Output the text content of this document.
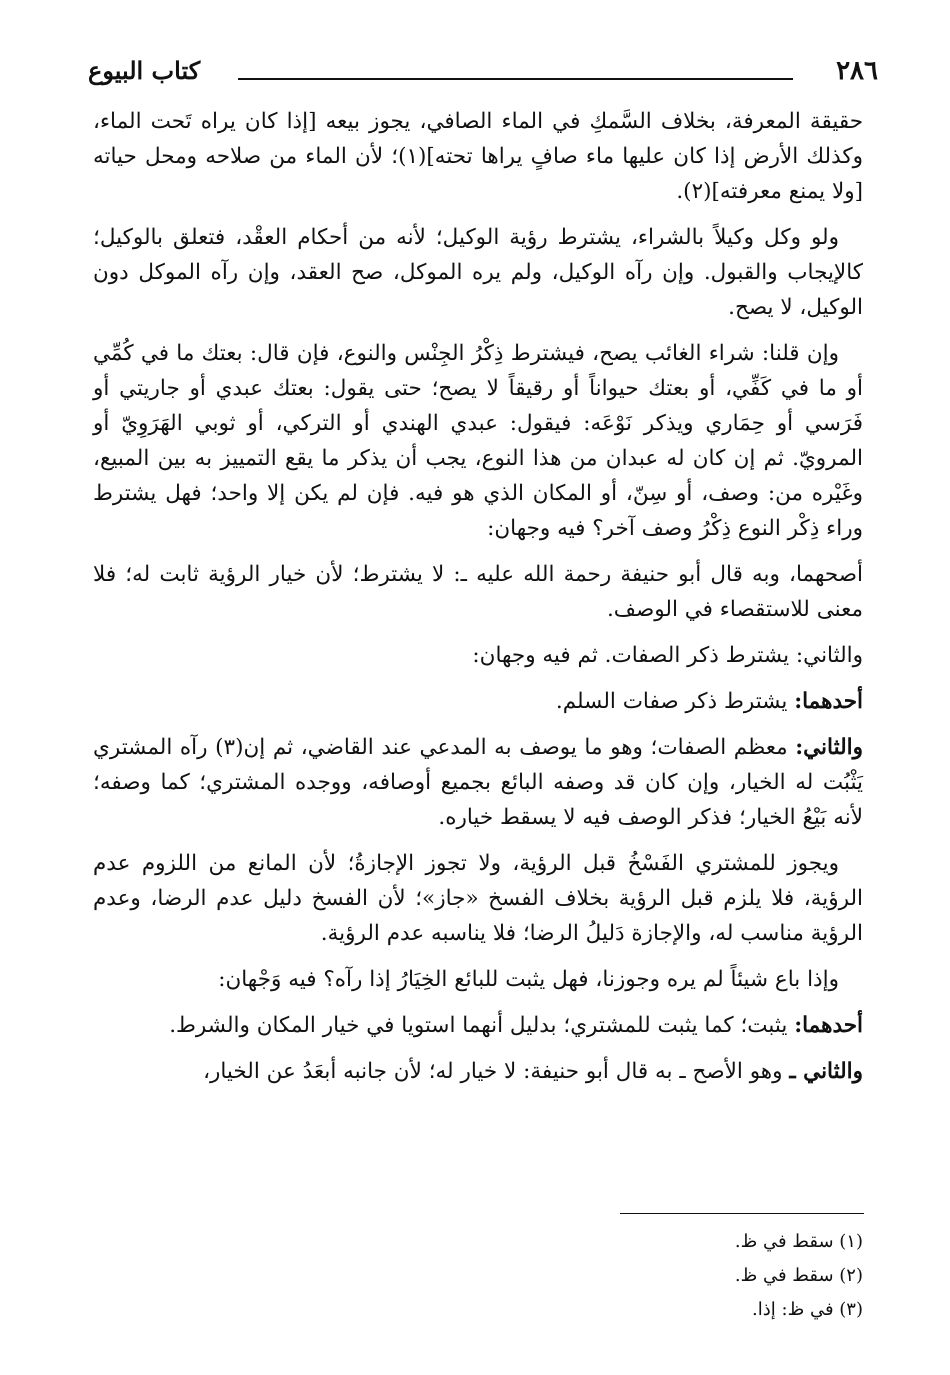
٢٨٦
كتاب البيوع

حقيقة المعرفة، بخلاف السَّمكِ في الماء الصافي، يجوز بيعه [إذا كان يراه تَحت الماء، وكذلك الأرض إذا كان عليها ماء صافٍ يراها تحته](١)؛ لأن الماء من صلاحه ومحل حياته [ولا يمنع معرفته](٢).

ولو وكل وكيلاً بالشراء، يشترط رؤية الوكيل؛ لأنه من أحكام العقْد، فتعلق بالوكيل؛ كالإيجاب والقبول. وإن رآه الوكيل، ولم يره الموكل، صح العقد، وإن رآه الموكل دون الوكيل، لا يصح.

وإن قلنا: شراء الغائب يصح، فيشترط ذِكْرُ الجِنْس والنوع، فإن قال: بعتك ما في كُمِّي أو ما في كَفِّي، أو بعتك حيواناً أو رقيقاً لا يصح؛ حتى يقول: بعتك عبدي أو جاريتي أو فَرَسي أو حِمَاري ويذكر نَوْعَه: فيقول: عبدي الهندي أو التركي، أو ثوبي الهَرَوِيّ أو المرويّ. ثم إن كان له عبدان من هذا النوع، يجب أن يذكر ما يقع التمييز به بين المبيع، وغَيْره من: وصف، أو سِنّ، أو المكان الذي هو فيه. فإن لم يكن إلا واحد؛ فهل يشترط وراء ذِكْر النوع ذِكْرُ وصف آخر؟ فيه وجهان:

أصحهما، وبه قال أبو حنيفة رحمة الله عليه ـ: لا يشترط؛ لأن خيار الرؤية ثابت له؛ فلا معنى للاستقصاء في الوصف.

والثاني: يشترط ذكر الصفات. ثم فيه وجهان:

أحدهما: يشترط ذكر صفات السلم.

والثاني: معظم الصفات؛ وهو ما يوصف به المدعي عند القاضي، ثم إن(٣) رآه المشتري يَثْبُت له الخيار، وإن كان قد وصفه البائع بجميع أوصافه، ووجده المشتري؛ كما وصفه؛ لأنه بَيْعُ الخيار؛ فذكر الوصف فيه لا يسقط خياره.

ويجوز للمشتري الفَسْخُ قبل الرؤية، ولا تجوز الإجازةُ؛ لأن المانع من اللزوم عدم الرؤية، فلا يلزم قبل الرؤية بخلاف الفسخ «جاز»؛ لأن الفسخ دليل عدم الرضا، وعدم الرؤية مناسب له، والإجازة دَليلُ الرضا؛ فلا يناسبه عدم الرؤية.

وإذا باع شيئاً لم يره وجوزنا، فهل يثبت للبائع الخِيَارُ إذا رآه؟ فيه وَجْهان:

أحدهما: يثبت؛ كما يثبت للمشتري؛ بدليل أنهما استويا في خيار المكان والشرط.

والثاني ـ وهو الأصح ـ به قال أبو حنيفة: لا خيار له؛ لأن جانبه أبعَدُ عن الخيار،

(١) سقط في ظ.

(٢) سقط في ظ.

(٣) في ظ: إذا.
